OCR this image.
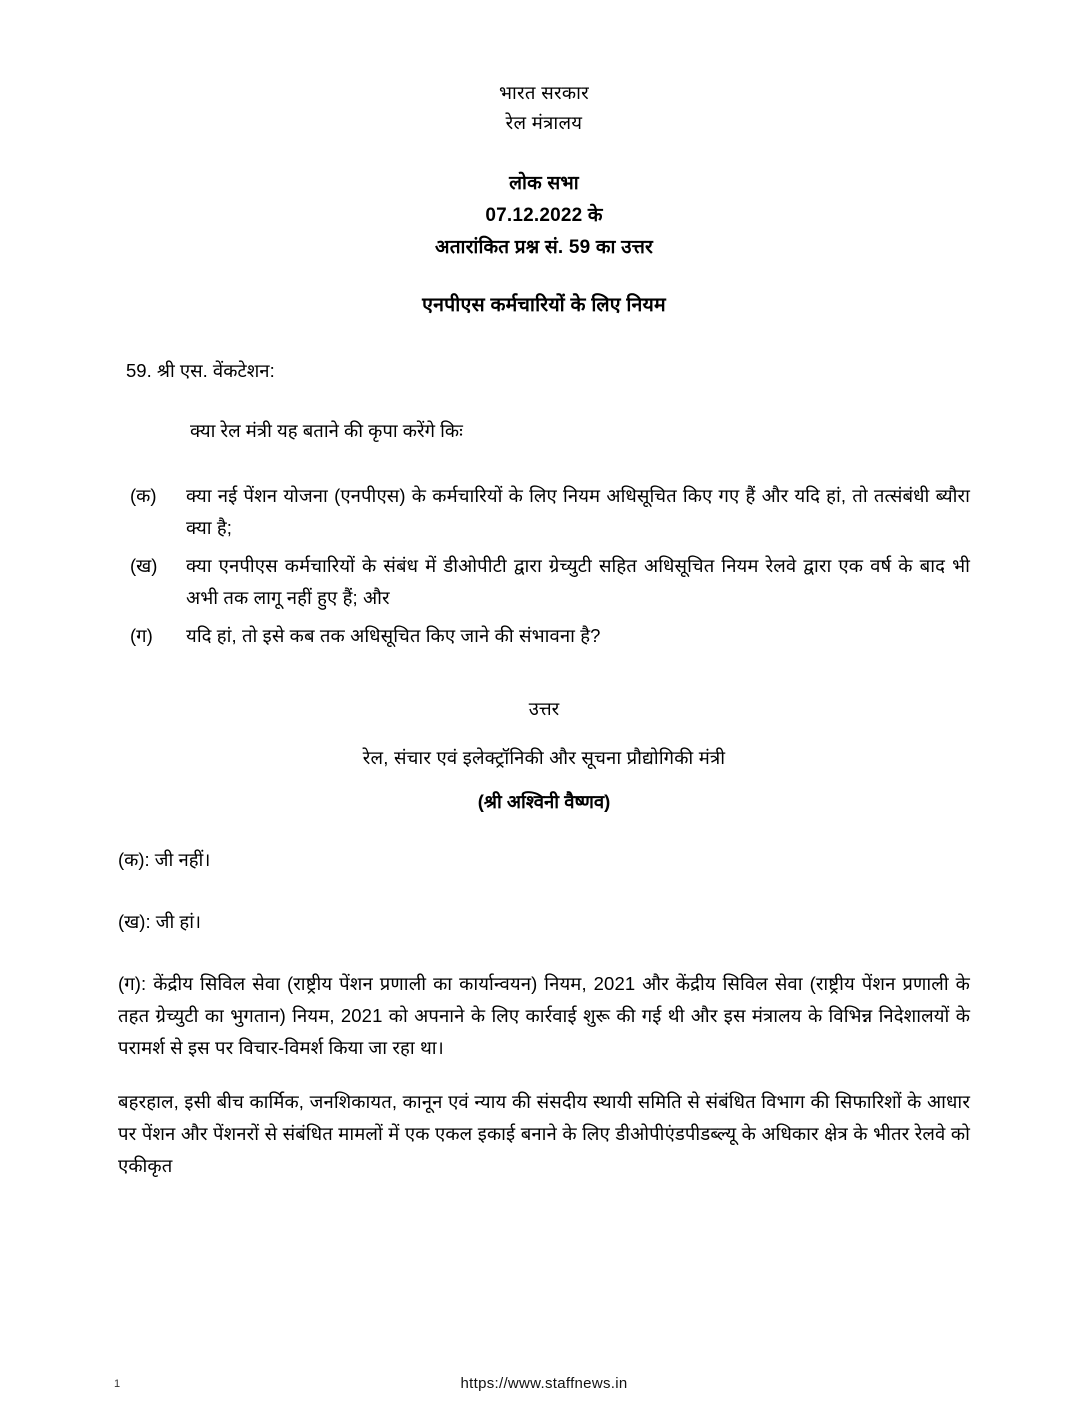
भारत सरकार
रेल मंत्रालय
लोक सभा
07.12.2022 के
अतारांकित प्रश्न सं. 59 का उत्तर
एनपीएस कर्मचारियों के लिए नियम
59. श्री एस. वेंकटेशन:
क्या रेल मंत्री यह बताने की कृपा करेंगे किः
(क)	क्या नई पेंशन योजना (एनपीएस) के कर्मचारियों के लिए नियम अधिसूचित किए गए हैं और यदि हां, तो तत्संबंधी ब्यौरा क्या है;
(ख)	क्या एनपीएस कर्मचारियों के संबंध में डीओपीटी द्वारा ग्रेच्युटी सहित अधिसूचित नियम रेलवे द्वारा एक वर्ष के बाद भी अभी तक लागू नहीं हुए हैं; और
(ग)	यदि हां, तो इसे कब तक अधिसूचित किए जाने की संभावना है?
उत्तर
रेल, संचार एवं इलेक्ट्रॉनिकी और सूचना प्रौद्योगिकी मंत्री
(श्री अश्विनी वैष्णव)
(क): जी नहीं।
(ख): जी हां।
(ग): केंद्रीय सिविल सेवा (राष्ट्रीय पेंशन प्रणाली का कार्यान्वयन) नियम, 2021 और केंद्रीय सिविल सेवा (राष्ट्रीय पेंशन प्रणाली के तहत ग्रेच्युटी का भुगतान) नियम, 2021 को अपनाने के लिए कार्रवाई शुरू की गई थी और इस मंत्रालय के विभिन्न निदेशालयों के परामर्श से इस पर विचार-विमर्श किया जा रहा था।
बहरहाल, इसी बीच कार्मिक, जनशिकायत, कानून एवं न्याय की संसदीय स्थायी समिति से संबंधित विभाग की सिफारिशों के आधार पर पेंशन और पेंशनरों से संबंधित मामलों में एक एकल इकाई बनाने के लिए डीओपीएंडपीडब्ल्यू के अधिकार क्षेत्र के भीतर रेलवे को एकीकृत
1	https://www.staffnews.in
